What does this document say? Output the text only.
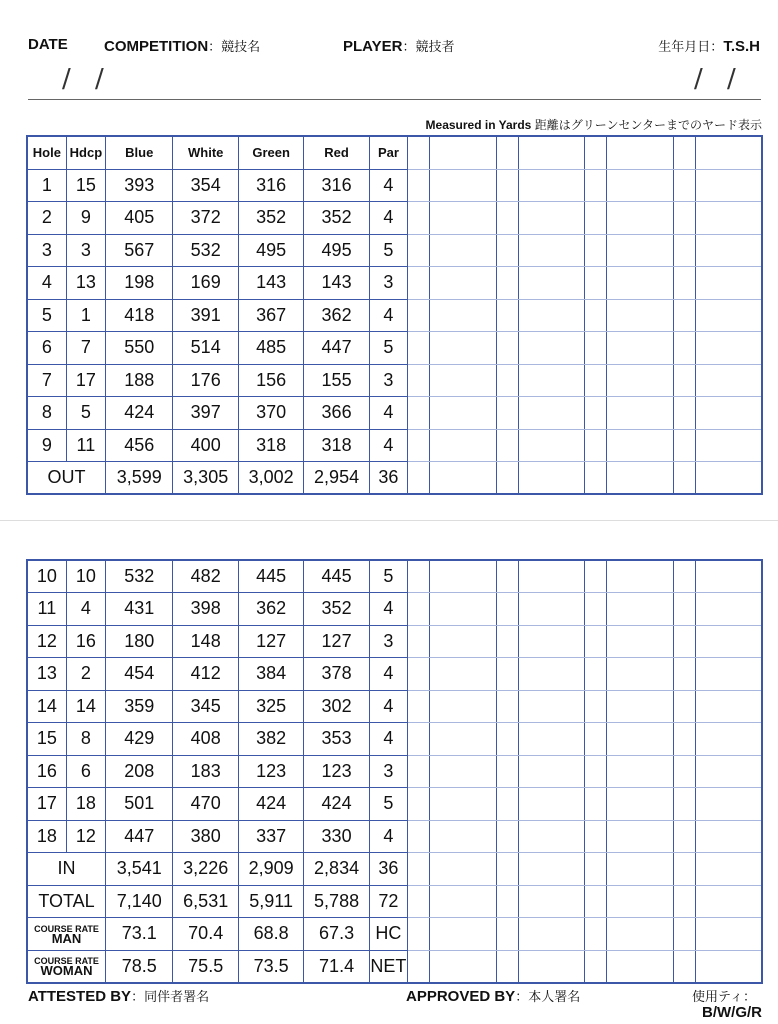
DATE COMPETITION：競技名	PLAYER：競技者	生年月日：T.S.H
/ /	/ /
Measured in Yards 距離はグリーンセンターまでのヤード表示
Hole	Hdcp	Blue	White	Green	Red	Par								
1	15	393	354	316	316	4								
2	9	405	372	352	352	4								
3	3	567	532	495	495	5								
4	13	198	169	143	143	3								
5	1	418	391	367	362	4								
6	7	550	514	485	447	5								
7	17	188	176	156	155	3								
8	5	424	397	370	366	4								
9	11	456	400	318	318	4								
OUT		3,599	3,305	3,002	2,954	36								
10	10	532	482	445	445	5								
11	4	431	398	362	352	4								
12	16	180	148	127	127	3								
13	2	454	412	384	378	4								
14	14	359	345	325	302	4								
15	8	429	408	382	353	4								
16	6	208	183	123	123	3								
17	18	501	470	424	424	5								
18	12	447	380	337	330	4								
IN		3,541	3,226	2,909	2,834	36								
TOTAL		7,140	6,531	5,911	5,788	72								

COURSE RATE
MAN		73.1	70.4	68.8	67.3	HC								

COURSE RATE
WOMAN		78.5	75.5	73.5	71.4	NET								
ATTESTED BY：同伴者署名	APPROVED BY：本人署名	使用ティ：
B/W/G/R
